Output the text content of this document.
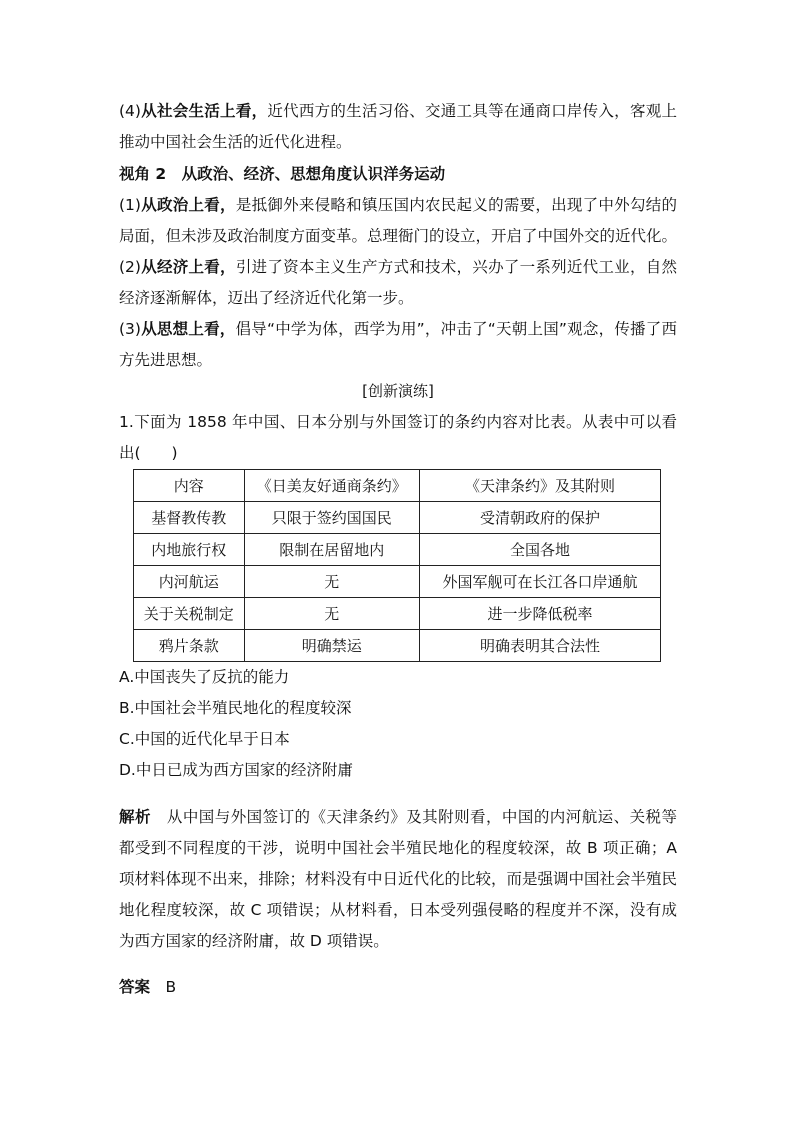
(4)从社会生活上看，近代西方的生活习俗、交通工具等在通商口岸传入，客观上推动中国社会生活的近代化进程。

视角 2　从政治、经济、思想角度认识洋务运动

(1)从政治上看，是抵御外来侵略和镇压国内农民起义的需要，出现了中外勾结的局面，但未涉及政治制度方面变革。总理衙门的设立，开启了中国外交的近代化。

(2)从经济上看，引进了资本主义生产方式和技术，兴办了一系列近代工业，自然经济逐渐解体，迈出了经济近代化第一步。

(3)从思想上看，倡导“中学为体，西学为用”，冲击了“天朝上国”观念，传播了西方先进思想。

[创新演练]

1.下面为 1858 年中国、日本分别与外国签订的条约内容对比表。从表中可以看出(　　)

内容	《日美友好通商条约》	《天津条约》及其附则
基督教传教	只限于签约国国民	受清朝政府的保护
内地旅行权	限制在居留地内	全国各地
内河航运	无	外国军舰可在长江各口岸通航
关于关税制定	无	进一步降低税率
鸦片条款	明确禁运	明确表明其合法性

A.中国丧失了反抗的能力

B.中国社会半殖民地化的程度较深

C.中国的近代化早于日本

D.中日已成为西方国家的经济附庸

解析　 从中国与外国签订的《天津条约》及其附则看，中国的内河航运、关税等都受到不同程度的干涉，说明中国社会半殖民地化的程度较深，故 B 项正确；A 项材料体现不出来，排除；材料没有中日近代化的比较，而是强调中国社会半殖民地化程度较深，故 C 项错误；从材料看，日本受列强侵略的程度并不深，没有成为西方国家的经济附庸，故 D 项错误。

答案　 B
